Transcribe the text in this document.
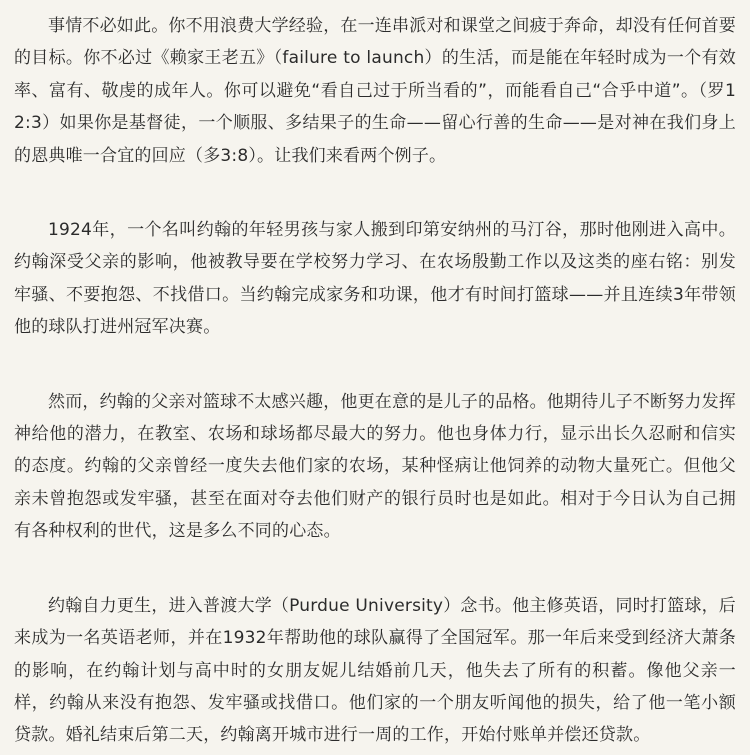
事情不必如此。你不用浪费大学经验，在一连串派对和课堂之间疲于奔命，却没有任何首要的目标。你不必过《赖家王老五》（failure to launch）的生活，而是能在年轻时成为一个有效率、富有、敬虔的成年人。你可以避免“看自己过于所当看的”，而能看自己“合乎中道”。（罗12:3）如果你是基督徒，一个顺服、多结果子的生命——留心行善的生命——是对神在我们身上的恩典唯一合宜的回应（多3:8）。让我们来看两个例子。

1924年，一个名叫约翰的年轻男孩与家人搬到印第安纳州的马汀谷，那时他刚进入高中。约翰深受父亲的影响，他被教导要在学校努力学习、在农场殷勤工作以及这类的座右铭：别发牢骚、不要抱怨、不找借口。当约翰完成家务和功课，他才有时间打篮球——并且连续3年带领他的球队打进州冠军决赛。

然而，约翰的父亲对篮球不太感兴趣，他更在意的是儿子的品格。他期待儿子不断努力发挥神给他的潜力，在教室、农场和球场都尽最大的努力。他也身体力行，显示出长久忍耐和信实的态度。约翰的父亲曾经一度失去他们家的农场，某种怪病让他饲养的动物大量死亡。但他父亲未曾抱怨或发牢骚，甚至在面对夺去他们财产的银行员时也是如此。相对于今日认为自己拥有各种权利的世代，这是多么不同的心态。

约翰自力更生，进入普渡大学（Purdue University）念书。他主修英语，同时打篮球，后来成为一名英语老师，并在1932年帮助他的球队赢得了全国冠军。那一年后来受到经济大萧条的影响，在约翰计划与高中时的女朋友妮儿结婚前几天，他失去了所有的积蓄。像他父亲一样，约翰从来没有抱怨、发牢骚或找借口。他们家的一个朋友听闻他的损失，给了他一笔小额贷款。婚礼结束后第二天，约翰离开城市进行一周的工作，开始付账单并偿还贷款。
